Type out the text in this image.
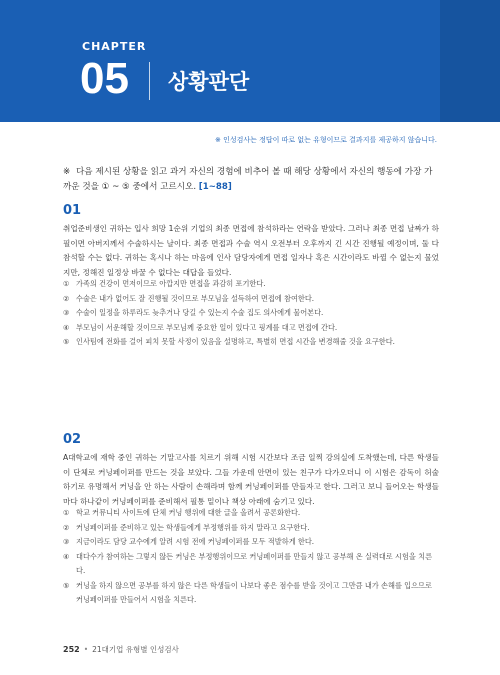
CHAPTER
05 상황판단
※ 인성검사는 정답이 따로 없는 유형이므로 결과지를 제공하지 않습니다.
※ 다음 제시된 상황을 읽고 과거 자신의 경험에 비추어 볼 때 해당 상황에서 자신의 행동에 가장 가까운 것을 ① ~ ⑤ 중에서 고르시오. [1~88]
01
취업준비생인 귀하는 입사 희망 1순위 기업의 최종 면접에 참석하라는 연락을 받았다. 그러나 최종 면접 날짜가 하필이면 아버지께서 수술하시는 날이다. 최종 면접과 수술 역시 오전부터 오후까지 긴 시간 진행될 예정이며, 둘 다 참석할 수는 없다. 귀하는 혹시나 하는 마음에 인사 담당자에게 면접 일자나 혹은 시간이라도 바뀔 수 없는지 물었지만, 정해진 일정상 바꿀 수 없다는 대답을 들었다.
① 가족의 건강이 먼저이므로 아깝지만 면접을 과감히 포기한다.
② 수술은 내가 없어도 잘 진행될 것이므로 부모님을 설득하여 면접에 참여한다.
③ 수술이 일정을 하루라도 늦추거나 당길 수 있는지 수술 집도 의사에게 물어본다.
④ 부모님이 서운해할 것이므로 부모님께 중요한 일이 있다고 핑계를 대고 면접에 간다.
⑤ 인사팀에 전화를 걸어 피치 못할 사정이 있음을 설명하고, 특별히 면접 시간을 변경해줄 것을 요구한다.
02
A대학교에 재학 중인 귀하는 기말고사를 치르기 위해 시험 시간보다 조금 일찍 강의실에 도착했는데, 다른 학생들이 단체로 커닝페이퍼를 만드는 것을 보았다. 그들 가운데 안면이 있는 친구가 다가오더니 이 시험은 감독이 허술하기로 유명해서 커닝을 안 하는 사람이 손해라며 함께 커닝페이퍼를 만들자고 한다. 그러고 보니 들어오는 학생들마다 하나같이 커닝페이퍼를 준비해서 필통 밑이나 책상 아래에 숨기고 있다.
① 학교 커뮤니티 사이트에 단체 커닝 행위에 대한 글을 올려서 공론화한다.
② 커닝페이퍼를 준비하고 있는 학생들에게 부정행위를 하지 말라고 요구한다.
③ 지금이라도 담당 교수에게 알려 시험 전에 커닝페이퍼를 모두 적발하게 한다.
④ 대다수가 참여하는 그렇지 않든 커닝은 부정행위이므로 커닝페이퍼를 만들지 않고 공부해 온 실력대로 시험을 치른다.
⑤ 커닝을 하지 않으면 공부를 하지 않은 다른 학생들이 나보다 좋은 점수를 받을 것이고 그만큼 내가 손해를 입으므로 커닝페이퍼를 만들어서 시험을 치른다.
252 • 21대기업 유형별 인성검사
